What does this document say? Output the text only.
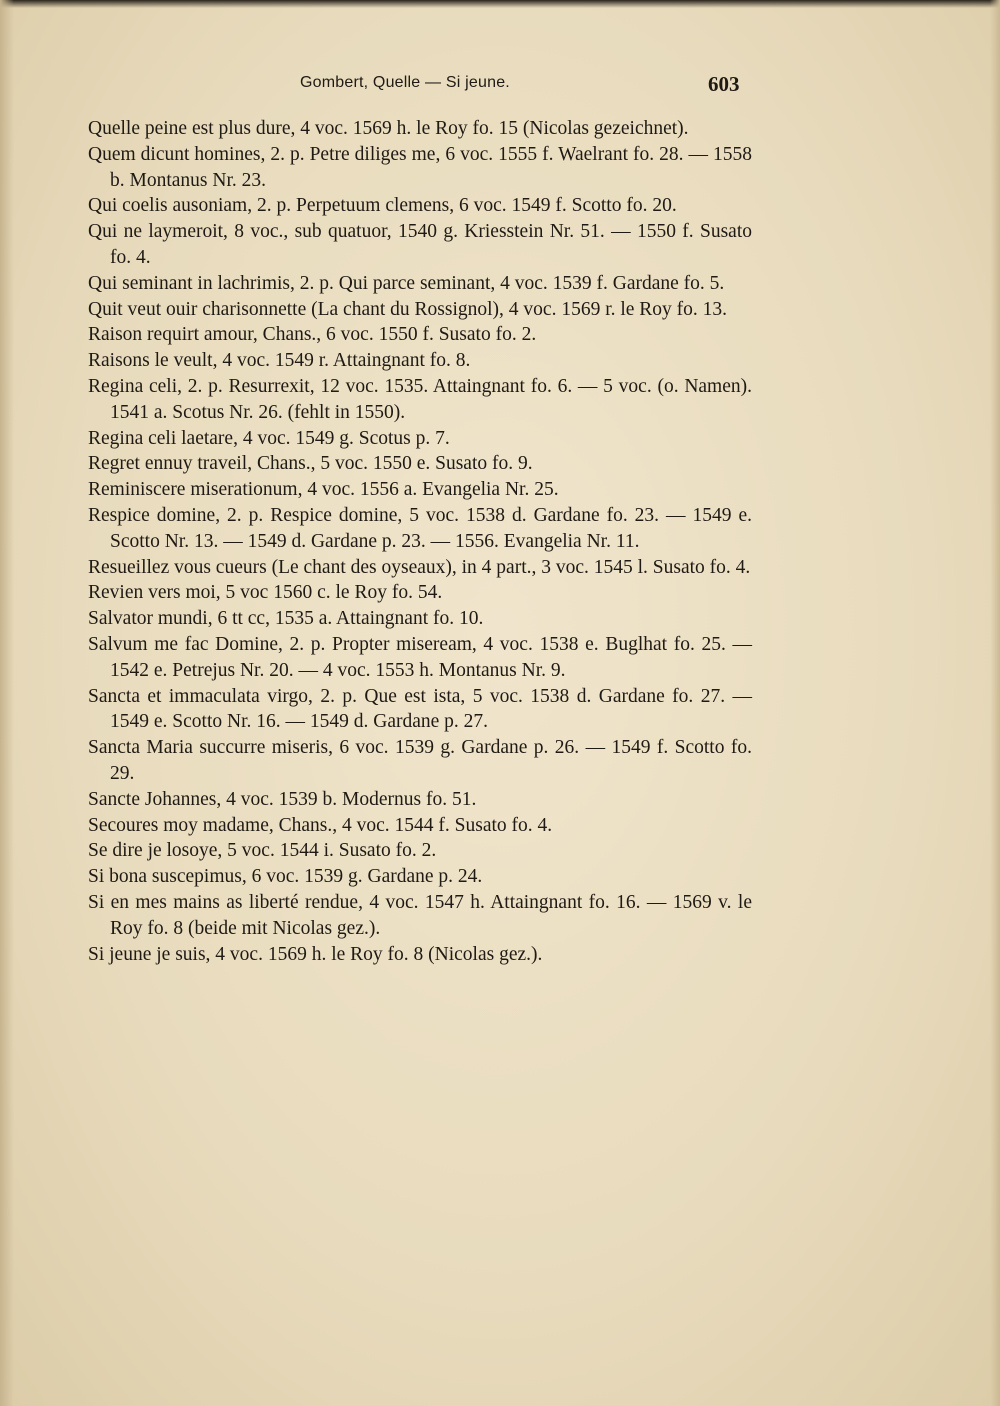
Gombert, Quelle — Si jeune.	603

Quelle peine est plus dure, 4 voc. 1569 h. le Roy fo. 15 (Nicolas gezeichnet).

Quem dicunt homines, 2. p. Petre diliges me, 6 voc. 1555 f. Waelrant fo. 28. — 1558 b. Montanus Nr. 23.

Qui coelis ausoniam, 2. p. Perpetuum clemens, 6 voc. 1549 f. Scotto fo. 20.

Qui ne laymeroit, 8 voc., sub quatuor, 1540 g. Kriesstein Nr. 51. — 1550 f. Susato fo. 4.

Qui seminant in lachrimis, 2. p. Qui parce seminant, 4 voc. 1539 f. Gardane fo. 5.

Quit veut ouir charisonnette (La chant du Rossignol), 4 voc. 1569 r. le Roy fo. 13.

Raison requirt amour, Chans., 6 voc. 1550 f. Susato fo. 2.

Raisons le veult, 4 voc. 1549 r. Attaingnant fo. 8.

Regina celi, 2. p. Resurrexit, 12 voc. 1535. Attaingnant fo. 6. — 5 voc. (o. Namen). 1541 a. Scotus Nr. 26. (fehlt in 1550).

Regina celi laetare, 4 voc. 1549 g. Scotus p. 7.

Regret ennuy traveil, Chans., 5 voc. 1550 e. Susato fo. 9.

Reminiscere miserationum, 4 voc. 1556 a. Evangelia Nr. 25.

Respice domine, 2. p. Respice domine, 5 voc. 1538 d. Gardane fo. 23. — 1549 e. Scotto Nr. 13. — 1549 d. Gardane p. 23. — 1556. Evangelia Nr. 11.

Resueillez vous cueurs (Le chant des oyseaux), in 4 part., 3 voc. 1545 l. Susato fo. 4.

Revien vers moi, 5 voc 1560 c. le Roy fo. 54.

Salvator mundi, 6 tt cc, 1535 a. Attaingnant fo. 10.

Salvum me fac Domine, 2. p. Propter miseream, 4 voc. 1538 e. Buglhat fo. 25. — 1542 e. Petrejus Nr. 20. — 4 voc. 1553 h. Montanus Nr. 9.

Sancta et immaculata virgo, 2. p. Que est ista, 5 voc. 1538 d. Gardane fo. 27. — 1549 e. Scotto Nr. 16. — 1549 d. Gardane p. 27.

Sancta Maria succurre miseris, 6 voc. 1539 g. Gardane p. 26. — 1549 f. Scotto fo. 29.

Sancte Johannes, 4 voc. 1539 b. Modernus fo. 51.

Secoures moy madame, Chans., 4 voc. 1544 f. Susato fo. 4.

Se dire je losoye, 5 voc. 1544 i. Susato fo. 2.

Si bona suscepimus, 6 voc. 1539 g. Gardane p. 24.

Si en mes mains as liberté rendue, 4 voc. 1547 h. Attaingnant fo. 16. — 1569 v. le Roy fo. 8 (beide mit Nicolas gez.).

Si jeune je suis, 4 voc. 1569 h. le Roy fo. 8 (Nicolas gez.).
